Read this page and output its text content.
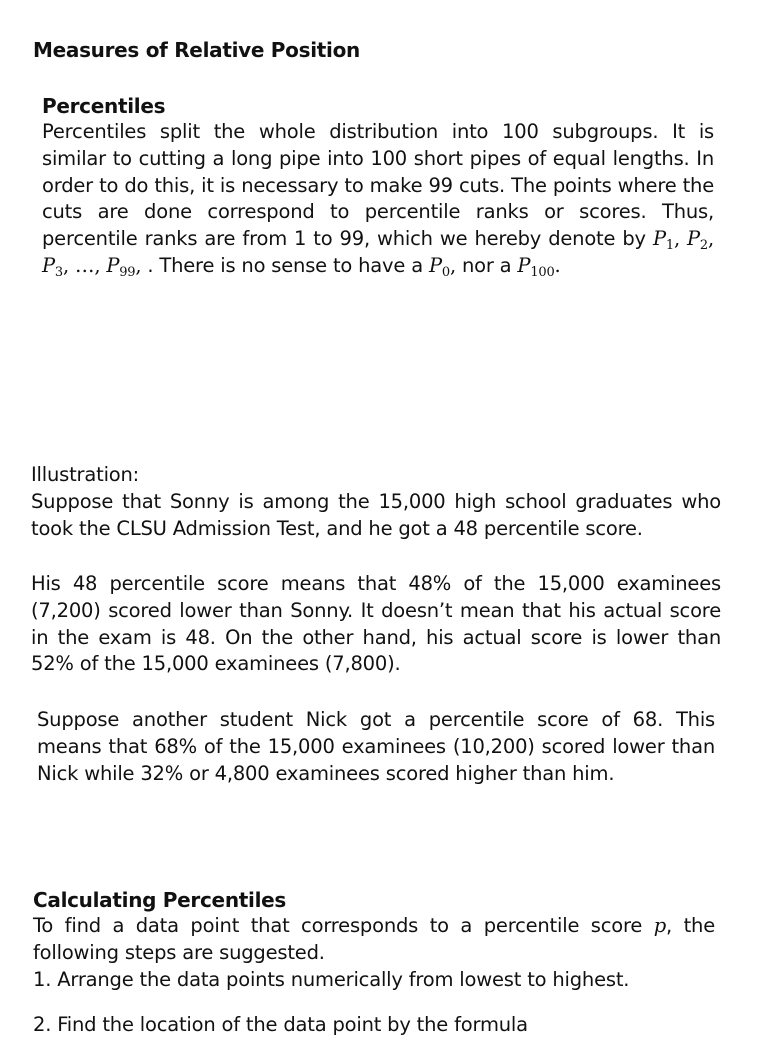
Measures of Relative Position
Percentiles
Percentiles split the whole distribution into 100 subgroups. It is similar to cutting a long pipe into 100 short pipes of equal lengths. In order to do this, it is necessary to make 99 cuts. The points where the cuts are done correspond to percentile ranks or scores. Thus, percentile ranks are from 1 to 99, which we hereby denote by $P_1$, $P_2$, $P_3$, …, $P_{99}$, . There is no sense to have a $P_0$, nor a $P_{100}$.

Illustration:

Suppose that Sonny is among the 15,000 high school graduates who took the CLSU Admission Test, and he got a 48 percentile score.

His 48 percentile score means that 48% of the 15,000 examinees (7,200) scored lower than Sonny. It doesn’t mean that his actual score in the exam is 48. On the other hand, his actual score is lower than 52% of the 15,000 examinees (7,800).
Suppose another student Nick got a percentile score of 68. This means that 68% of the 15,000 examinees (10,200) scored lower than Nick while 32% or 4,800 examinees scored higher than him.
Calculating Percentiles
To find a data point that corresponds to a percentile score p, the following steps are suggested.
1. Arrange the data points numerically from lowest to highest.
2. Find the location of the data point by the formula
